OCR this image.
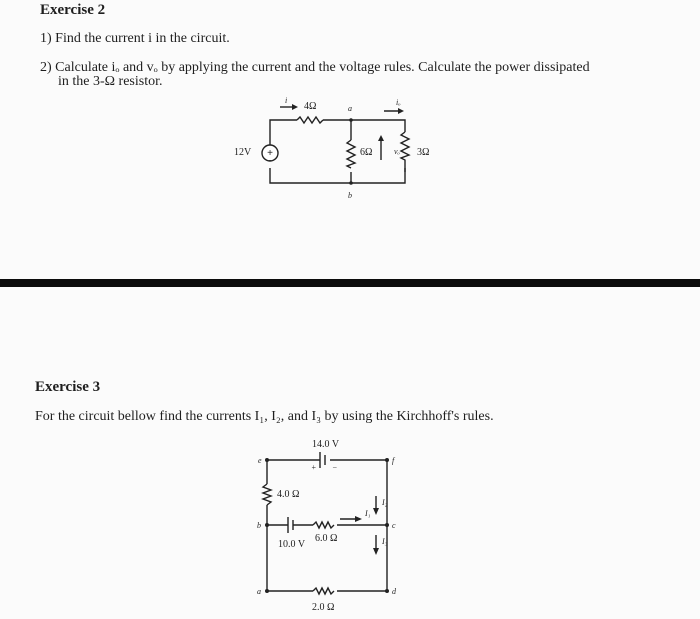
Exercise 2
1) Find the current i in the circuit.
2) Calculate iₒ and vₒ by applying the current and the voltage rules. Calculate the power dissipated
in the 3-Ω resistor.
+
-
i
4Ω	a
iₒ
12V	6Ω	vₒ 3Ω
b
Exercise 3
For the circuit bellow find the currents I₁, I₂, and I₃ by using the Kirchhoff's rules.
14.0 V
+ −
e	f
4.0 Ω
I₂
b
I₁
c
10.0 V
6.0 Ω	I₃
a	d
2.0 Ω
